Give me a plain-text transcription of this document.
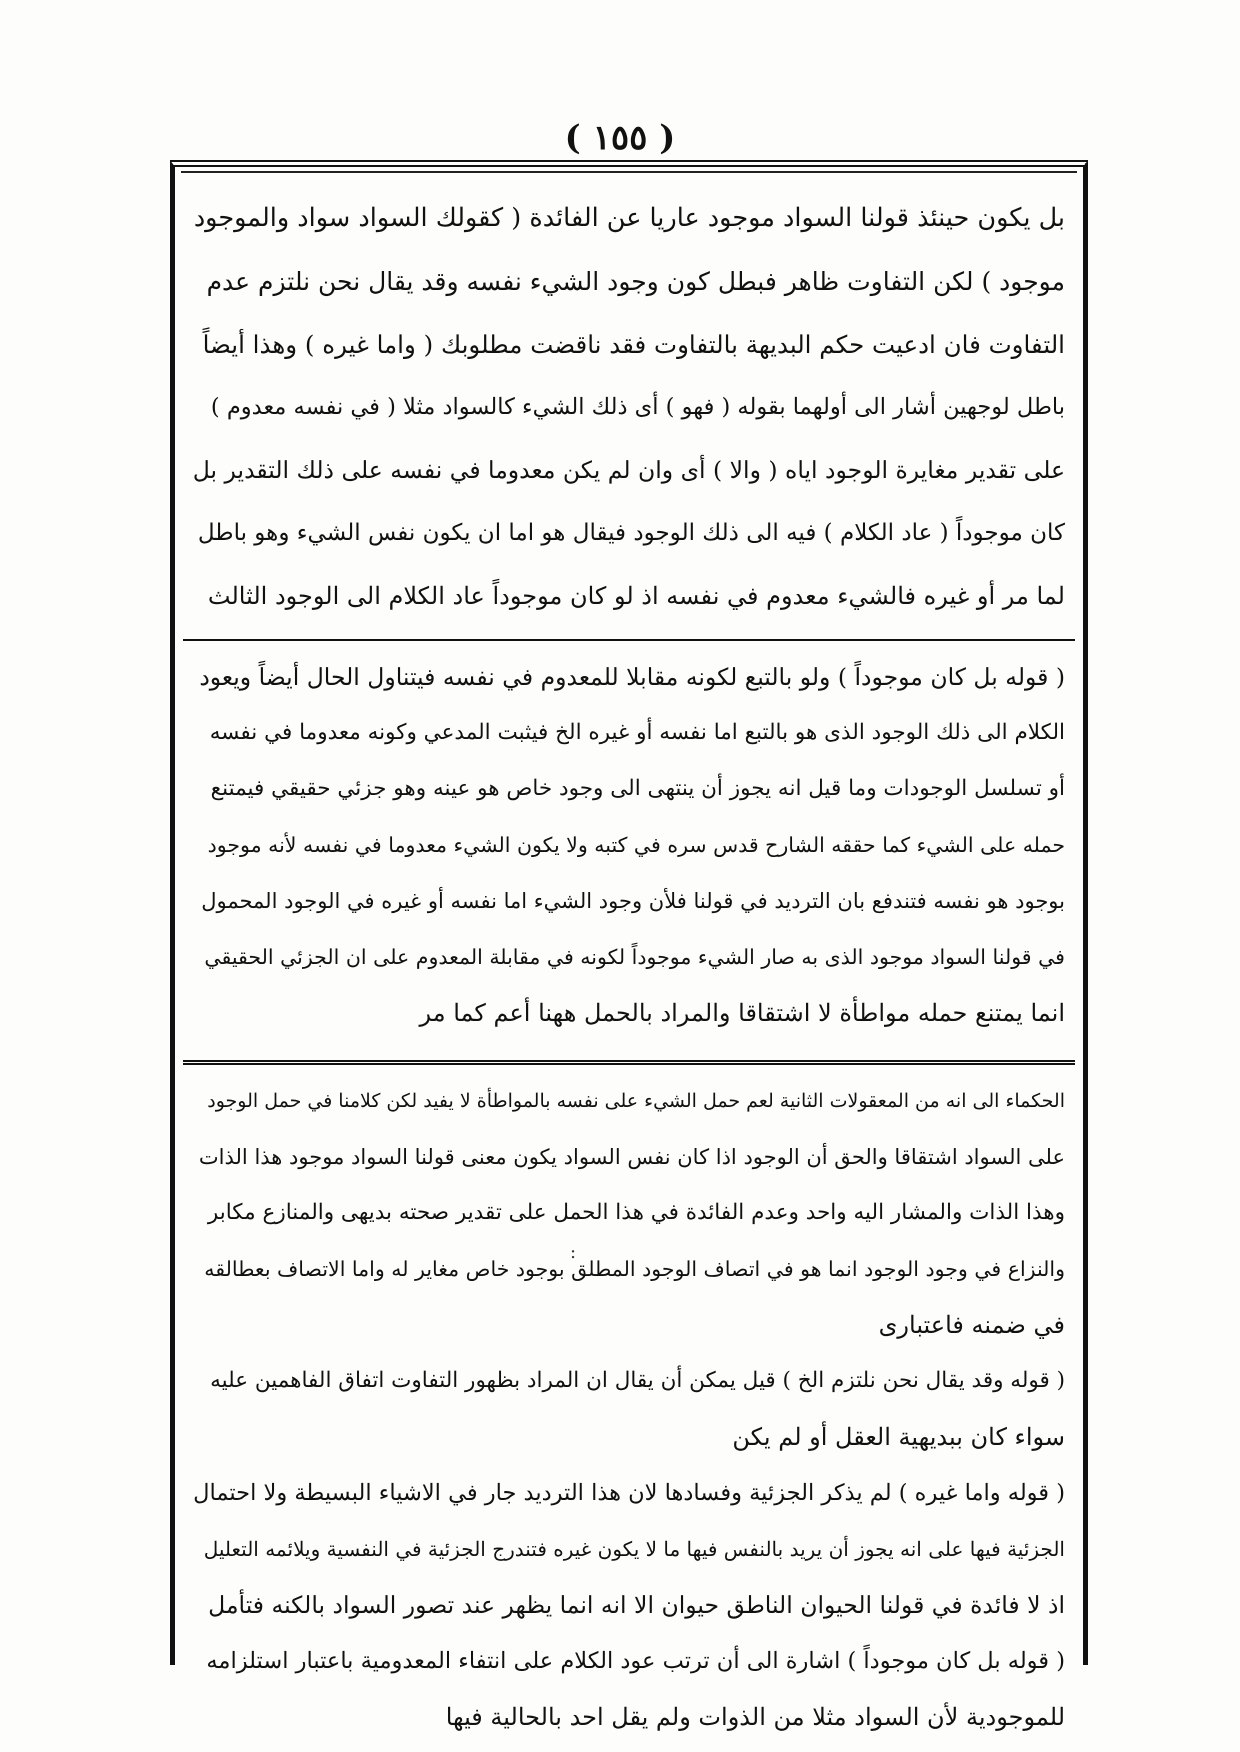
( ١٥٥ )
بل يكون حينئذ قولنا السواد موجود عاريا عن الفائدة ( كقولك السواد سواد والموجود
موجود ) لكن التفاوت ظاهر فبطل كون وجود الشيء نفسه وقد يقال نحن نلتزم عدم
التفاوت فان ادعيت حكم البديهة بالتفاوت فقد ناقضت مطلوبك ( واما غيره ) وهذا أيضاً
باطل لوجهين أشار الى أولهما بقوله ( فهو ) أى ذلك الشيء كالسواد مثلا ( في نفسه معدوم )
على تقدير مغايرة الوجود اياه ( والا ) أى وان لم يكن معدوما في نفسه على ذلك التقدير بل
كان موجوداً ( عاد الكلام ) فيه الى ذلك الوجود فيقال هو اما ان يكون نفس الشيء وهو باطل
لما مر أو غيره فالشيء معدوم في نفسه اذ لو كان موجوداً عاد الكلام الى الوجود الثالث
( قوله بل كان موجوداً ) ولو بالتبع لكونه مقابلا للمعدوم في نفسه فيتناول الحال أيضاً ويعود
الكلام الى ذلك الوجود الذى هو بالتبع اما نفسه أو غيره الخ فيثبت المدعي وكونه معدوما في نفسه
أو تسلسل الوجودات وما قيل انه يجوز أن ينتهى الى وجود خاص هو عينه وهو جزئي حقيقي فيمتنع
حمله على الشيء كما حققه الشارح قدس سره في كتبه ولا يكون الشيء معدوما في نفسه لأنه موجود
بوجود هو نفسه فتندفع بان الترديد في قولنا فلأن وجود الشيء اما نفسه أو غيره في الوجود المحمول
في قولنا السواد موجود الذى به صار الشيء موجوداً لكونه في مقابلة المعدوم على ان الجزئي الحقيقي
انما يمتنع حمله مواطأة لا اشتقاقا والمراد بالحمل ههنا أعم كما مر
الحكماء الى انه من المعقولات الثانية لعم حمل الشيء على نفسه بالمواطأة لا يفيد لكن كلامنا في حمل الوجود
على السواد اشتقاقا والحق أن الوجود اذا كان نفس السواد يكون معنى قولنا السواد موجود هذا الذات
وهذا الذات والمشار اليه واحد وعدم الفائدة في هذا الحمل على تقدير صحته بديهى والمنازع مكابر
والنزاع في وجود الوجود انما هو في اتصاف الوجود المطلق بوجود خاص مغاير له واما الاتصاف بعطالقه
في ضمنه فاعتبارى
( قوله وقد يقال نحن نلتزم الخ ) قيل يمكن أن يقال ان المراد بظهور التفاوت اتفاق الفاهمين عليه
سواء كان ببديهية العقل أو لم يكن
( قوله واما غيره ) لم يذكر الجزئية وفسادها لان هذا الترديد جار في الاشياء البسيطة ولا احتمال
الجزئية فيها على انه يجوز أن يريد بالنفس فيها ما لا يكون غيره فتندرج الجزئية في النفسية ويلائمه التعليل
اذ لا فائدة في قولنا الحيوان الناطق حيوان الا انه انما يظهر عند تصور السواد بالكنه فتأمل
( قوله بل كان موجوداً ) اشارة الى أن ترتب عود الكلام على انتفاء المعدومية باعتبار استلزامه
للموجودية لأن السواد مثلا من الذوات ولم يقل احد بالحالية فيها
:
